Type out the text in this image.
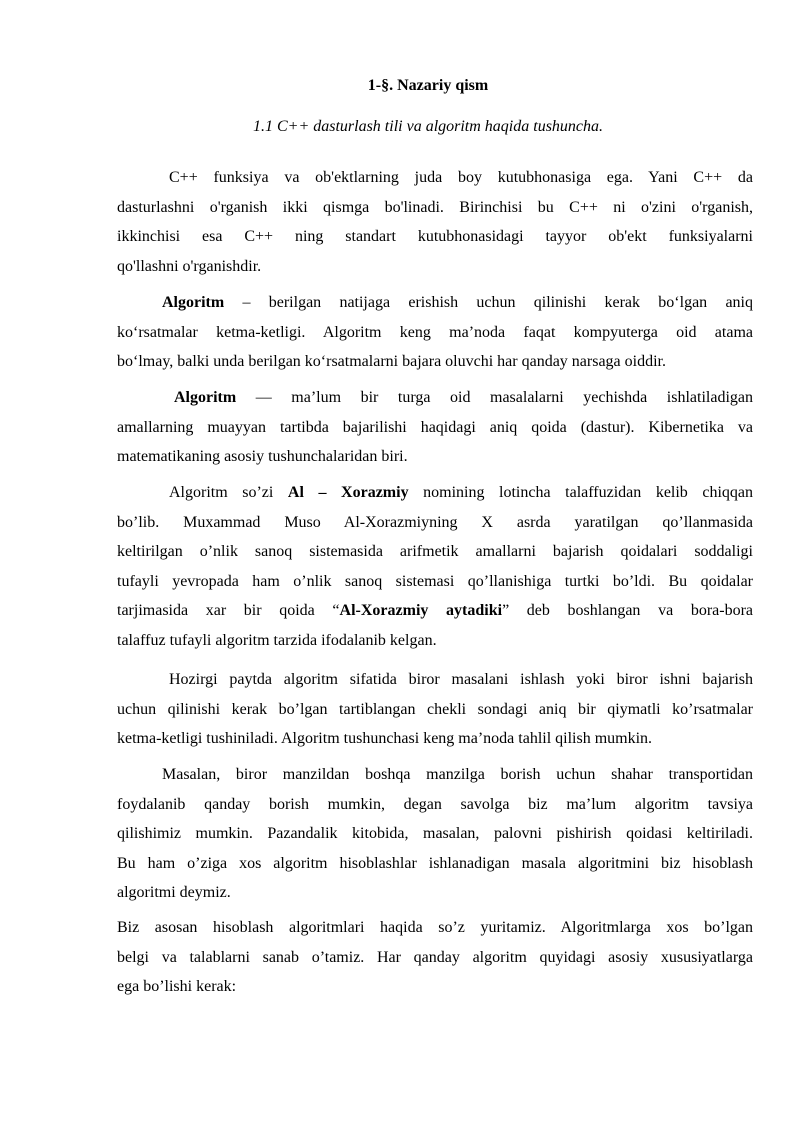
1-§. Nazariy qism

1.1 C++ dasturlash tili va algoritm haqida tushuncha.

C++ funksiya va ob'ektlarning juda boy kutubhonasiga ega. Yani C++ da
dasturlashni o'rganish ikki qismga bo'linadi. Birinchisi bu C++ ni o'zini o'rganish,
ikkinchisi esa C++ ning standart kutubhonasidagi tayyor ob'ekt funksiyalarni
qo'llashni o'rganishdir.
Algoritm – berilgan natijaga erishish uchun qilinishi kerak bo‘lgan aniq
ko‘rsatmalar ketma-ketligi. Algoritm keng ma’noda faqat kompyuterga oid atama
bo‘lmay, balki unda berilgan ko‘rsatmalarni bajara oluvchi har qanday narsaga oiddir.
Algoritm — ma’lum bir turga oid masalalarni yechishda ishlatiladigan
amallarning muayyan tartibda bajarilishi haqidagi aniq qoida (dastur). Kibernetika va
matematikaning asosiy tushunchalaridan biri.
Algoritm so’zi Al – Xorazmiy nomining lotincha talaffuzidan kelib chiqqan
bo’lib. Muxammad Muso Al-Xorazmiyning X asrda yaratilgan qo’llanmasida
keltirilgan o’nlik sanoq sistemasida arifmetik amallarni bajarish qoidalari soddaligi
tufayli yevropada ham o’nlik sanoq sistemasi qo’llanishiga turtki bo’ldi. Bu qoidalar
tarjimasida xar bir qoida “Al-Xorazmiy aytadiki” deb boshlangan va bora-bora
talaffuz tufayli algoritm tarzida ifodalanib kelgan.
Hozirgi paytda algoritm sifatida biror masalani ishlash yoki biror ishni bajarish
uchun qilinishi kerak bo’lgan tartiblangan chekli sondagi aniq bir qiymatli ko’rsatmalar
ketma-ketligi tushiniladi. Algoritm tushunchasi keng ma’noda tahlil qilish mumkin.
Masalan, biror manzildan boshqa manzilga borish uchun shahar transportidan
foydalanib qanday borish mumkin, degan savolga biz ma’lum algoritm tavsiya
qilishimiz mumkin. Pazandalik kitobida, masalan, palovni pishirish qoidasi keltiriladi.
Bu ham o’ziga xos algoritm hisoblashlar ishlanadigan masala algoritmini biz hisoblash
algoritmi deymiz.
Biz asosan hisoblash algoritmlari haqida so’z yuritamiz. Algoritmlarga xos bo’lgan
belgi va talablarni sanab o’tamiz. Har qanday algoritm quyidagi asosiy xususiyatlarga
ega bo’lishi kerak:
